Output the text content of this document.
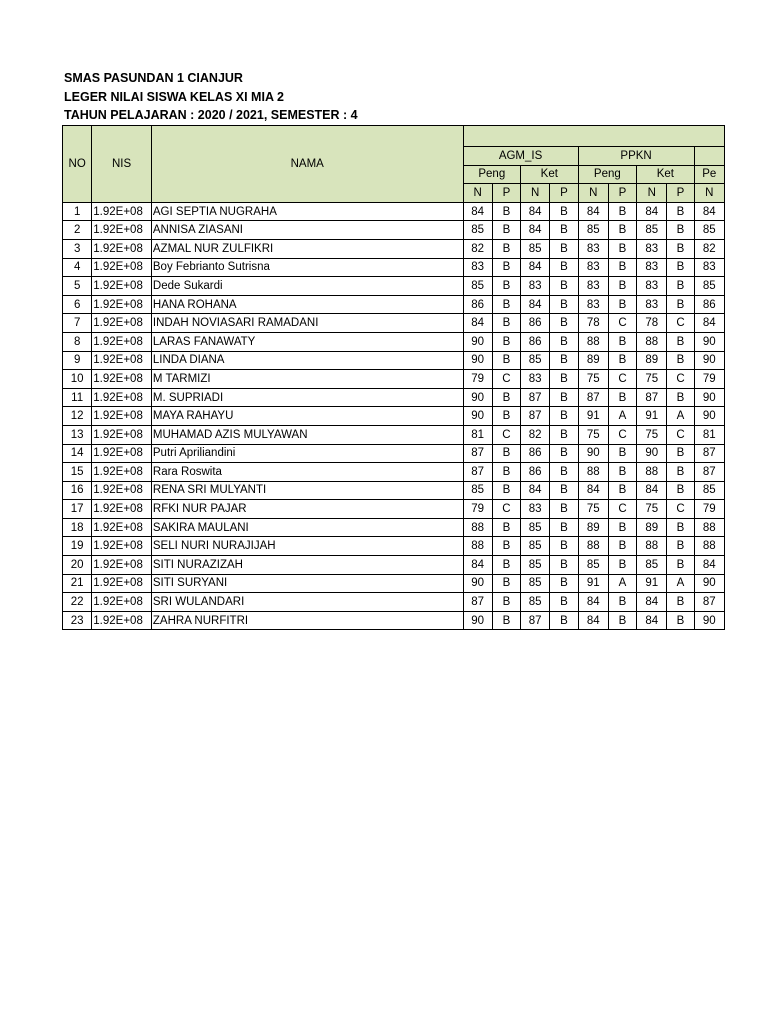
SMAS PASUNDAN 1 CIANJUR
LEGER NILAI SISWA KELAS XI MIA 2
TAHUN PELAJARAN : 2020 / 2021, SEMESTER : 4
NO	NIS	NAMA									
			AGM_IS				PPKN				
			Peng		Ket		Peng		Ket		Pe
			N	P	N	P	N	P	N	P	N
1	1.92E+08	AGI SEPTIA NUGRAHA	84	B	84	B	84	B	84	B	84
2	1.92E+08	ANNISA ZIASANI	85	B	84	B	85	B	85	B	85
3	1.92E+08	AZMAL NUR ZULFIKRI	82	B	85	B	83	B	83	B	82
4	1.92E+08	Boy Febrianto Sutrisna	83	B	84	B	83	B	83	B	83
5	1.92E+08	Dede Sukardi	85	B	83	B	83	B	83	B	85
6	1.92E+08	HANA ROHANA	86	B	84	B	83	B	83	B	86
7	1.92E+08	INDAH NOVIASARI RAMADANI	84	B	86	B	78	C	78	C	84
8	1.92E+08	LARAS FANAWATY	90	B	86	B	88	B	88	B	90
9	1.92E+08	LINDA DIANA	90	B	85	B	89	B	89	B	90
10	1.92E+08	M TARMIZI	79	C	83	B	75	C	75	C	79
11	1.92E+08	M. SUPRIADI	90	B	87	B	87	B	87	B	90
12	1.92E+08	MAYA RAHAYU	90	B	87	B	91	A	91	A	90
13	1.92E+08	MUHAMAD AZIS MULYAWAN	81	C	82	B	75	C	75	C	81
14	1.92E+08	Putri Apriliandini	87	B	86	B	90	B	90	B	87
15	1.92E+08	Rara Roswita	87	B	86	B	88	B	88	B	87
16	1.92E+08	RENA SRI MULYANTI	85	B	84	B	84	B	84	B	85
17	1.92E+08	RFKI NUR PAJAR	79	C	83	B	75	C	75	C	79
18	1.92E+08	SAKIRA MAULANI	88	B	85	B	89	B	89	B	88
19	1.92E+08	SELI NURI NURAJIJAH	88	B	85	B	88	B	88	B	88
20	1.92E+08	SITI NURAZIZAH	84	B	85	B	85	B	85	B	84
21	1.92E+08	SITI SURYANI	90	B	85	B	91	A	91	A	90
22	1.92E+08	SRI WULANDARI	87	B	85	B	84	B	84	B	87
23	1.92E+08	ZAHRA NURFITRI	90	B	87	B	84	B	84	B	90
